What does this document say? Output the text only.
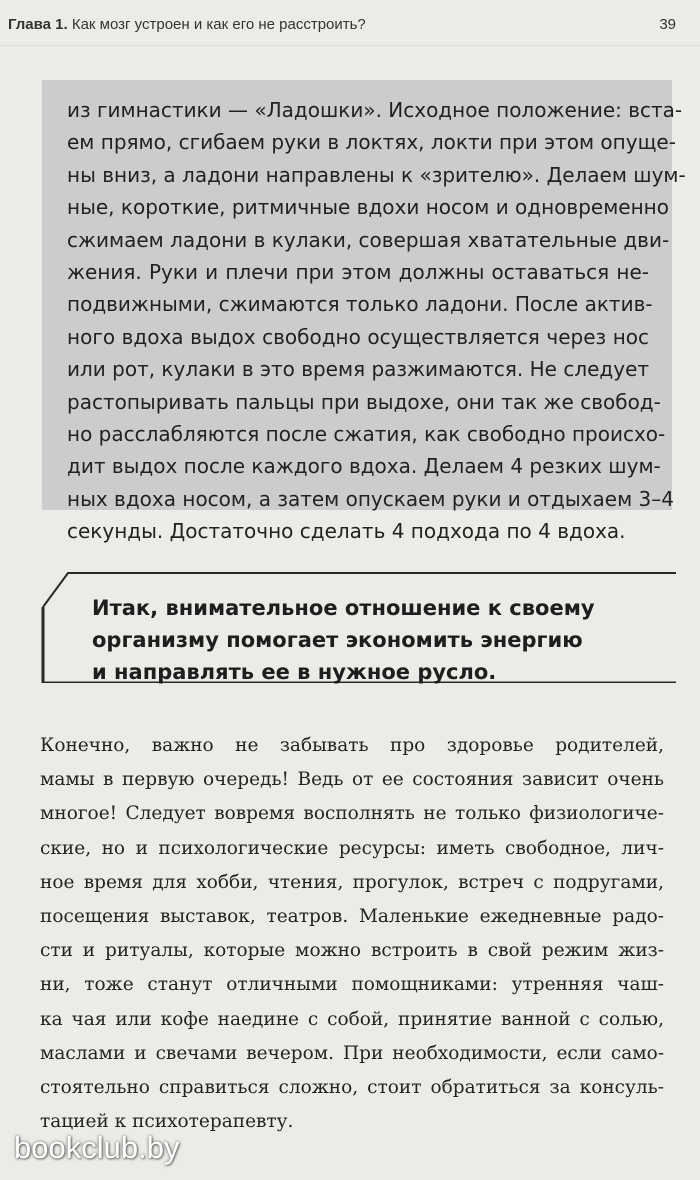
Глава 1. Как мозг устроен и как его не расстроить?	39
из гимнастики — «Ладошки». Исходное положение: вста-
ем прямо, сгибаем руки в локтях, локти при этом опуще-
ны вниз, а ладони направлены к «зрителю». Делаем шум-
ные, короткие, ритмичные вдохи носом и одновременно
сжимаем ладони в кулаки, совершая хватательные дви-
жения. Руки и плечи при этом должны оставаться не-
подвижными, сжимаются только ладони. После актив-
ного вдоха выдох свободно осуществляется через нос
или рот, кулаки в это время разжимаются. Не следует
растопыривать пальцы при выдохе, они так же свобод-
но расслабляются после сжатия, как свободно происхо-
дит выдох после каждого вдоха. Делаем 4 резких шум-
ных вдоха носом, а затем опускаем руки и отдыхаем 3–4
секунды. Достаточно сделать 4 подхода по 4 вдоха.
Итак, внимательное отношение к своему
организму помогает экономить энергию
и направлять ее в нужное русло.
Конечно, важно не забывать про здоровье родителей,
мамы в первую очередь! Ведь от ее состояния зависит очень
многое! Следует вовремя восполнять не только физиологиче-
ские, но и психологические ресурсы: иметь свободное, лич-
ное время для хобби, чтения, прогулок, встреч с подругами,
посещения выставок, театров. Маленькие ежедневные радо-
сти и ритуалы, которые можно встроить в свой режим жиз-
ни, тоже станут отличными помощниками: утренняя чаш-
ка чая или кофе наедине с собой, принятие ванной с солью,
маслами и свечами вечером. При необходимости, если само-
стоятельно справиться сложно, стоит обратиться за консуль-
тацией к психотерапевту.
bookclub.by
